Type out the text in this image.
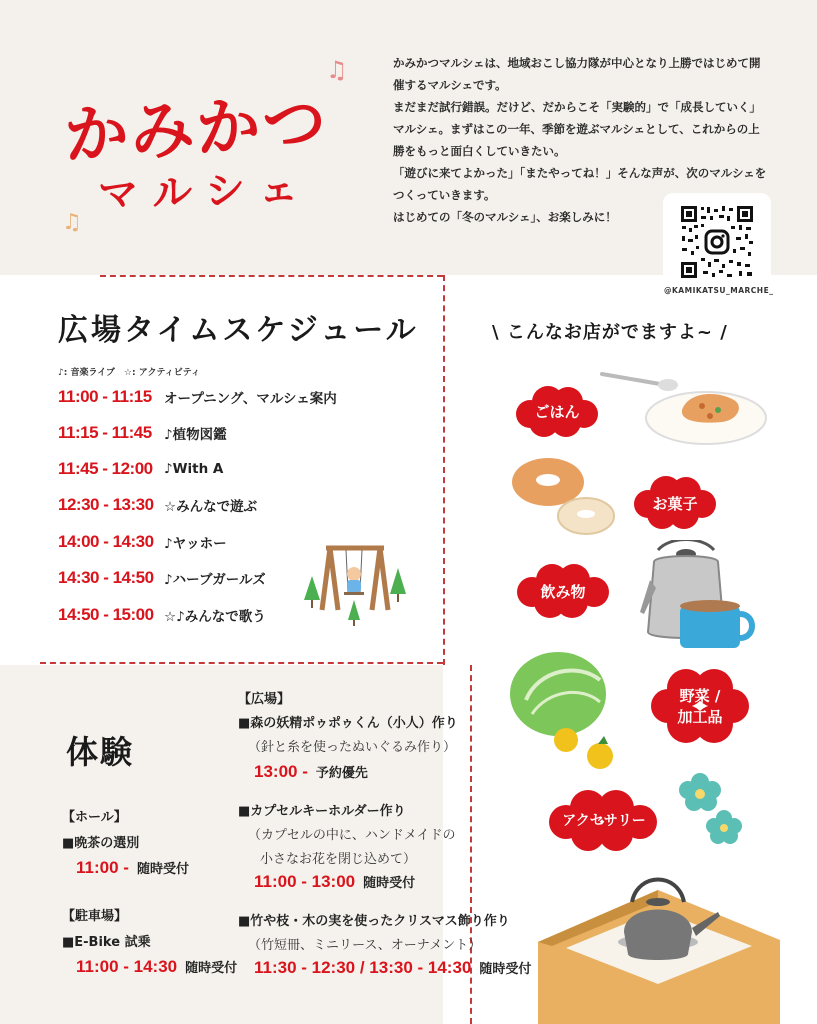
かみかつ
マルシェ
♫
♫

かみかつマルシェは、地域おこし協力隊が中心となり上勝ではじめて開

催するマルシェです。

まだまだ試行錯誤。だけど、だからこそ「実験的」で「成長していく」

マルシェ。まずはこの一年、季節を遊ぶマルシェとして、これからの上

勝をもっと面白くしていきたい。

「遊びに来てよかった」「またやってね！」そんな声が、次のマルシェを

つくっていきます。

はじめての「冬のマルシェ」、お楽しみに！

@KAMIKATSU_MARCHE_
広場タイムスケジュール
♪: 音楽ライブ　☆: アクティビティ
11:00 - 11:15 オープニング、マルシェ案内
11:15 - 11:45 ♪植物図鑑
11:45 - 12:00 ♪With A
12:30 - 13:30 ☆みんなで遊ぶ
14:00 - 14:30 ♪ヤッホー
14:30 - 14:50 ♪ハーブガールズ
14:50 - 15:00 ☆♪みんなで歌う
体験
【ホール】
■晩茶の選別
11:00 - 随時受付
【駐車場】
■E-Bike 試乗
11:00 - 14:30 随時受付
【広場】
■森の妖精ポゥポゥくん（小人）作り
（針と糸を使ったぬいぐるみ作り）
13:00 - 予約優先
■カプセルキーホルダー作り
（カプセルの中に、ハンドメイドの
小さなお花を閉じ込めて）
11:00 - 13:00 随時受付
■竹や枝・木の実を使ったクリスマス飾り作り
（竹短冊、ミニリース、オーナメント）
11:30 - 12:30 / 13:30 - 14:30 随時受付
\ こんなお店がでますよ~ /
ごはん
お菓子
飲み物
野菜 /
加工品
アクセサリー
